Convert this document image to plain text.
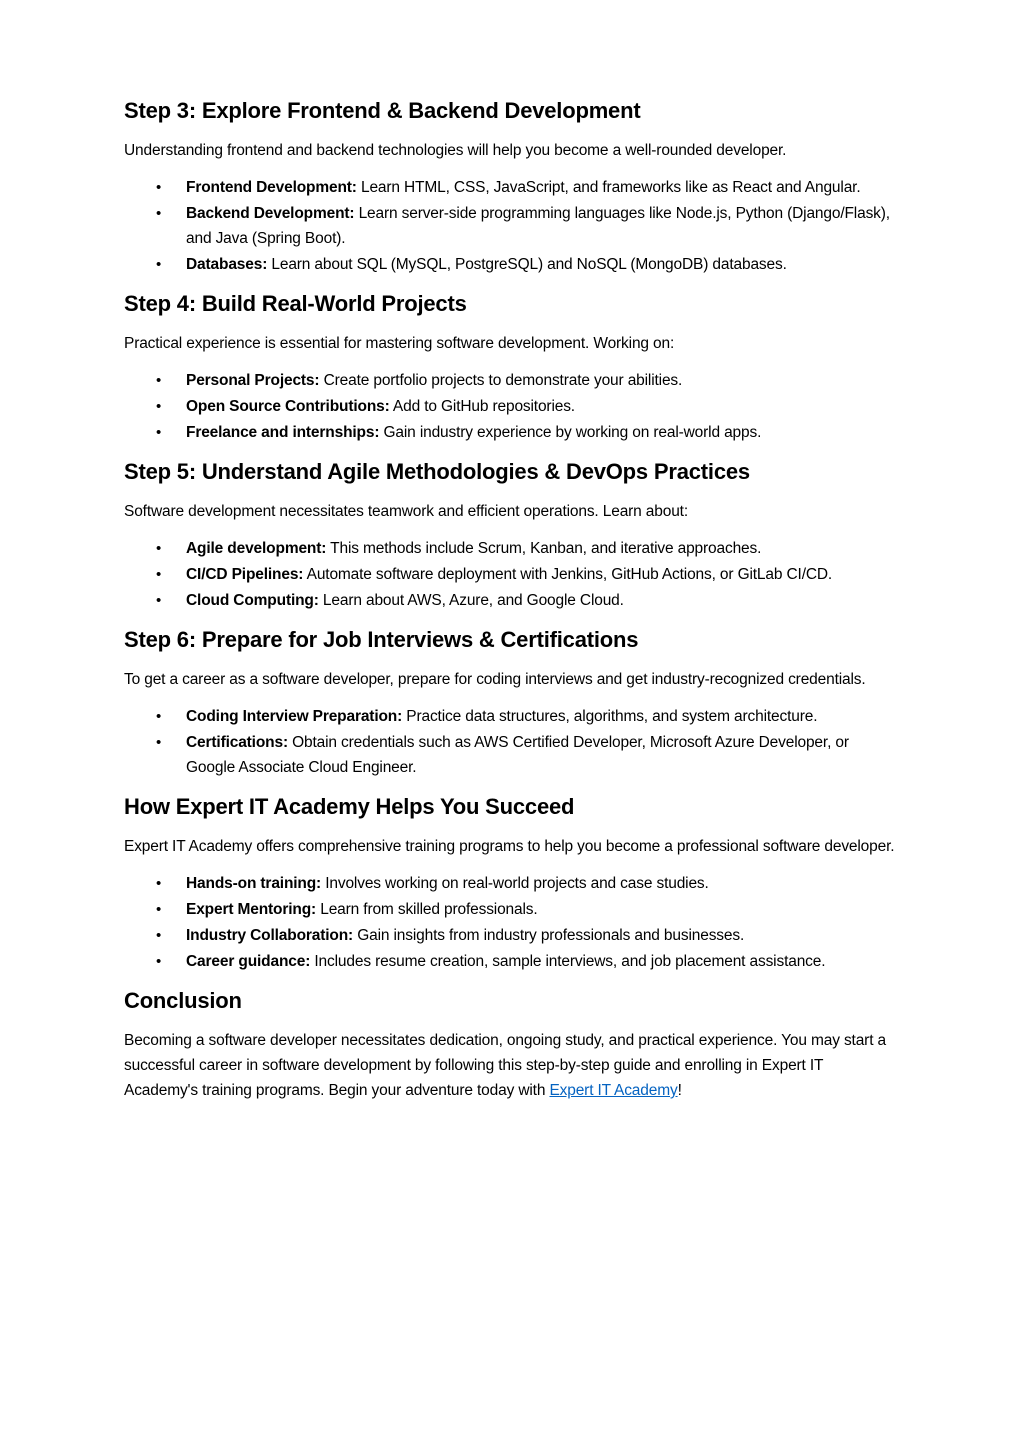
Step 3: Explore Frontend & Backend Development

Understanding frontend and backend technologies will help you become a well-rounded developer.

• Frontend Development: Learn HTML, CSS, JavaScript, and frameworks like as React and Angular.
• Backend Development: Learn server-side programming languages like Node.js, Python (Django/Flask), and Java (Spring Boot).
• Databases: Learn about SQL (MySQL, PostgreSQL) and NoSQL (MongoDB) databases.
Step 4: Build Real-World Projects

Practical experience is essential for mastering software development. Working on:

• Personal Projects: Create portfolio projects to demonstrate your abilities.
• Open Source Contributions: Add to GitHub repositories.
• Freelance and internships: Gain industry experience by working on real-world apps.
Step 5: Understand Agile Methodologies & DevOps Practices

Software development necessitates teamwork and efficient operations. Learn about:

• Agile development: This methods include Scrum, Kanban, and iterative approaches.
• CI/CD Pipelines: Automate software deployment with Jenkins, GitHub Actions, or GitLab CI/CD.
• Cloud Computing: Learn about AWS, Azure, and Google Cloud.
Step 6: Prepare for Job Interviews & Certifications

To get a career as a software developer, prepare for coding interviews and get industry-recognized credentials.

• Coding Interview Preparation: Practice data structures, algorithms, and system architecture.
• Certifications: Obtain credentials such as AWS Certified Developer, Microsoft Azure Developer, or Google Associate Cloud Engineer.
How Expert IT Academy Helps You Succeed

Expert IT Academy offers comprehensive training programs to help you become a professional software developer.

• Hands-on training: Involves working on real-world projects and case studies.
• Expert Mentoring: Learn from skilled professionals.
• Industry Collaboration: Gain insights from industry professionals and businesses.
• Career guidance: Includes resume creation, sample interviews, and job placement assistance.
Conclusion

Becoming a software developer necessitates dedication, ongoing study, and practical experience. You may start a successful career in software development by following this step-by-step guide and enrolling in Expert IT Academy's training programs. Begin your adventure today with Expert IT Academy!
